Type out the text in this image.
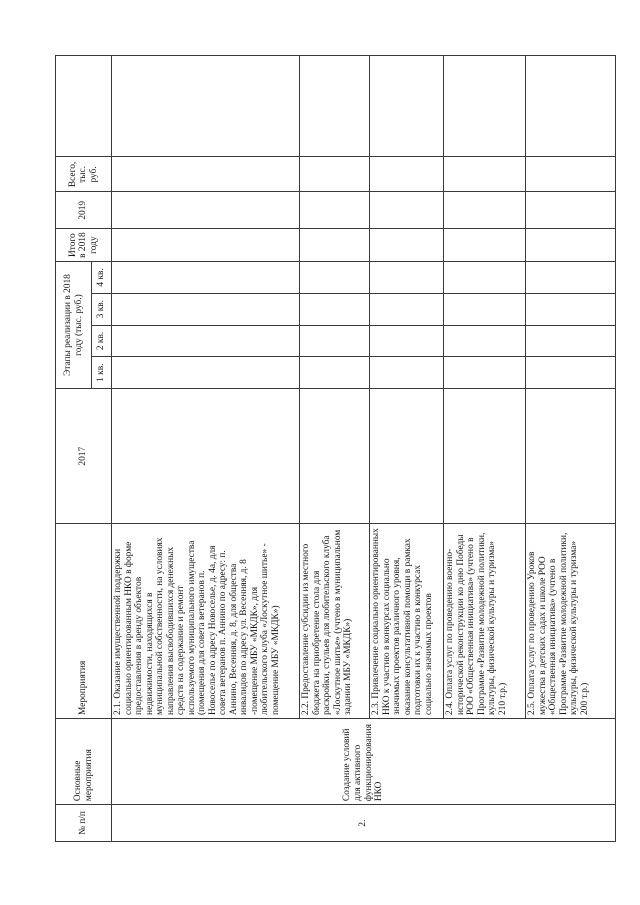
№ п/п	Основные мероприятия	Мероприятия	2017	Этапы реализации в 2018 году (тыс. руб.)				Итого в 2018 году	2019	Всего, тыс. руб.	
				1 кв.	2 кв.	3 кв.	4 кв.				
2.	Создание условий для активного функционирования НКО	2.1. Оказание имущественной поддержки социально ориентированным НКО в форме предоставления в аренду объектов недвижимости, находящихся в муниципальной собственности, на условиях направления высвободившихся денежных средств на содержание и ремонт используемого муниципального имущества (помещения для совета ветеранов п. Новоселье по адресу Новоселье, д. 4а, для совета ветеранов п. Аннино по адресу: п. Аннино, Весенняя, д. 8, для общества инвалидов по адресу ул. Весенняя, д. 8 -помещение МБУ «МКДК», для любительского клуба «Лоскутное шитье» - помещение МБУ «МКДК»)									
		2.2. Предоставление субсидии из местного бюджета на приобретение стола для раскройки, стульев для любительского клуба «Лоскутное шитье» (учтено в муниципальном задании МБУ «МКДК»)									
		2.3. Привлечение социально ориентированных НКО к участию в конкурсах социально значимых проектов различного уровня, оказание консультативной помощи в рамках подготовки их к участию в конкурсах социально значимых проектов									
		2.4. Оплата услуг по проведению военно-исторической реконструкции ко дню Победы РОО «Общественная инициатива» (учтено в Программе «Развитие молодежной политики, культуры, физической культуры и туризма» 210 т.р.)									
		2.5. Оплата услуг по проведению Уроков мужества в детских садах и школе РОО «Общественная инициатива» (учтено в Программе «Развитие молодежной политики, культуры, физической культуры и туризма» 200 т.р.)									
